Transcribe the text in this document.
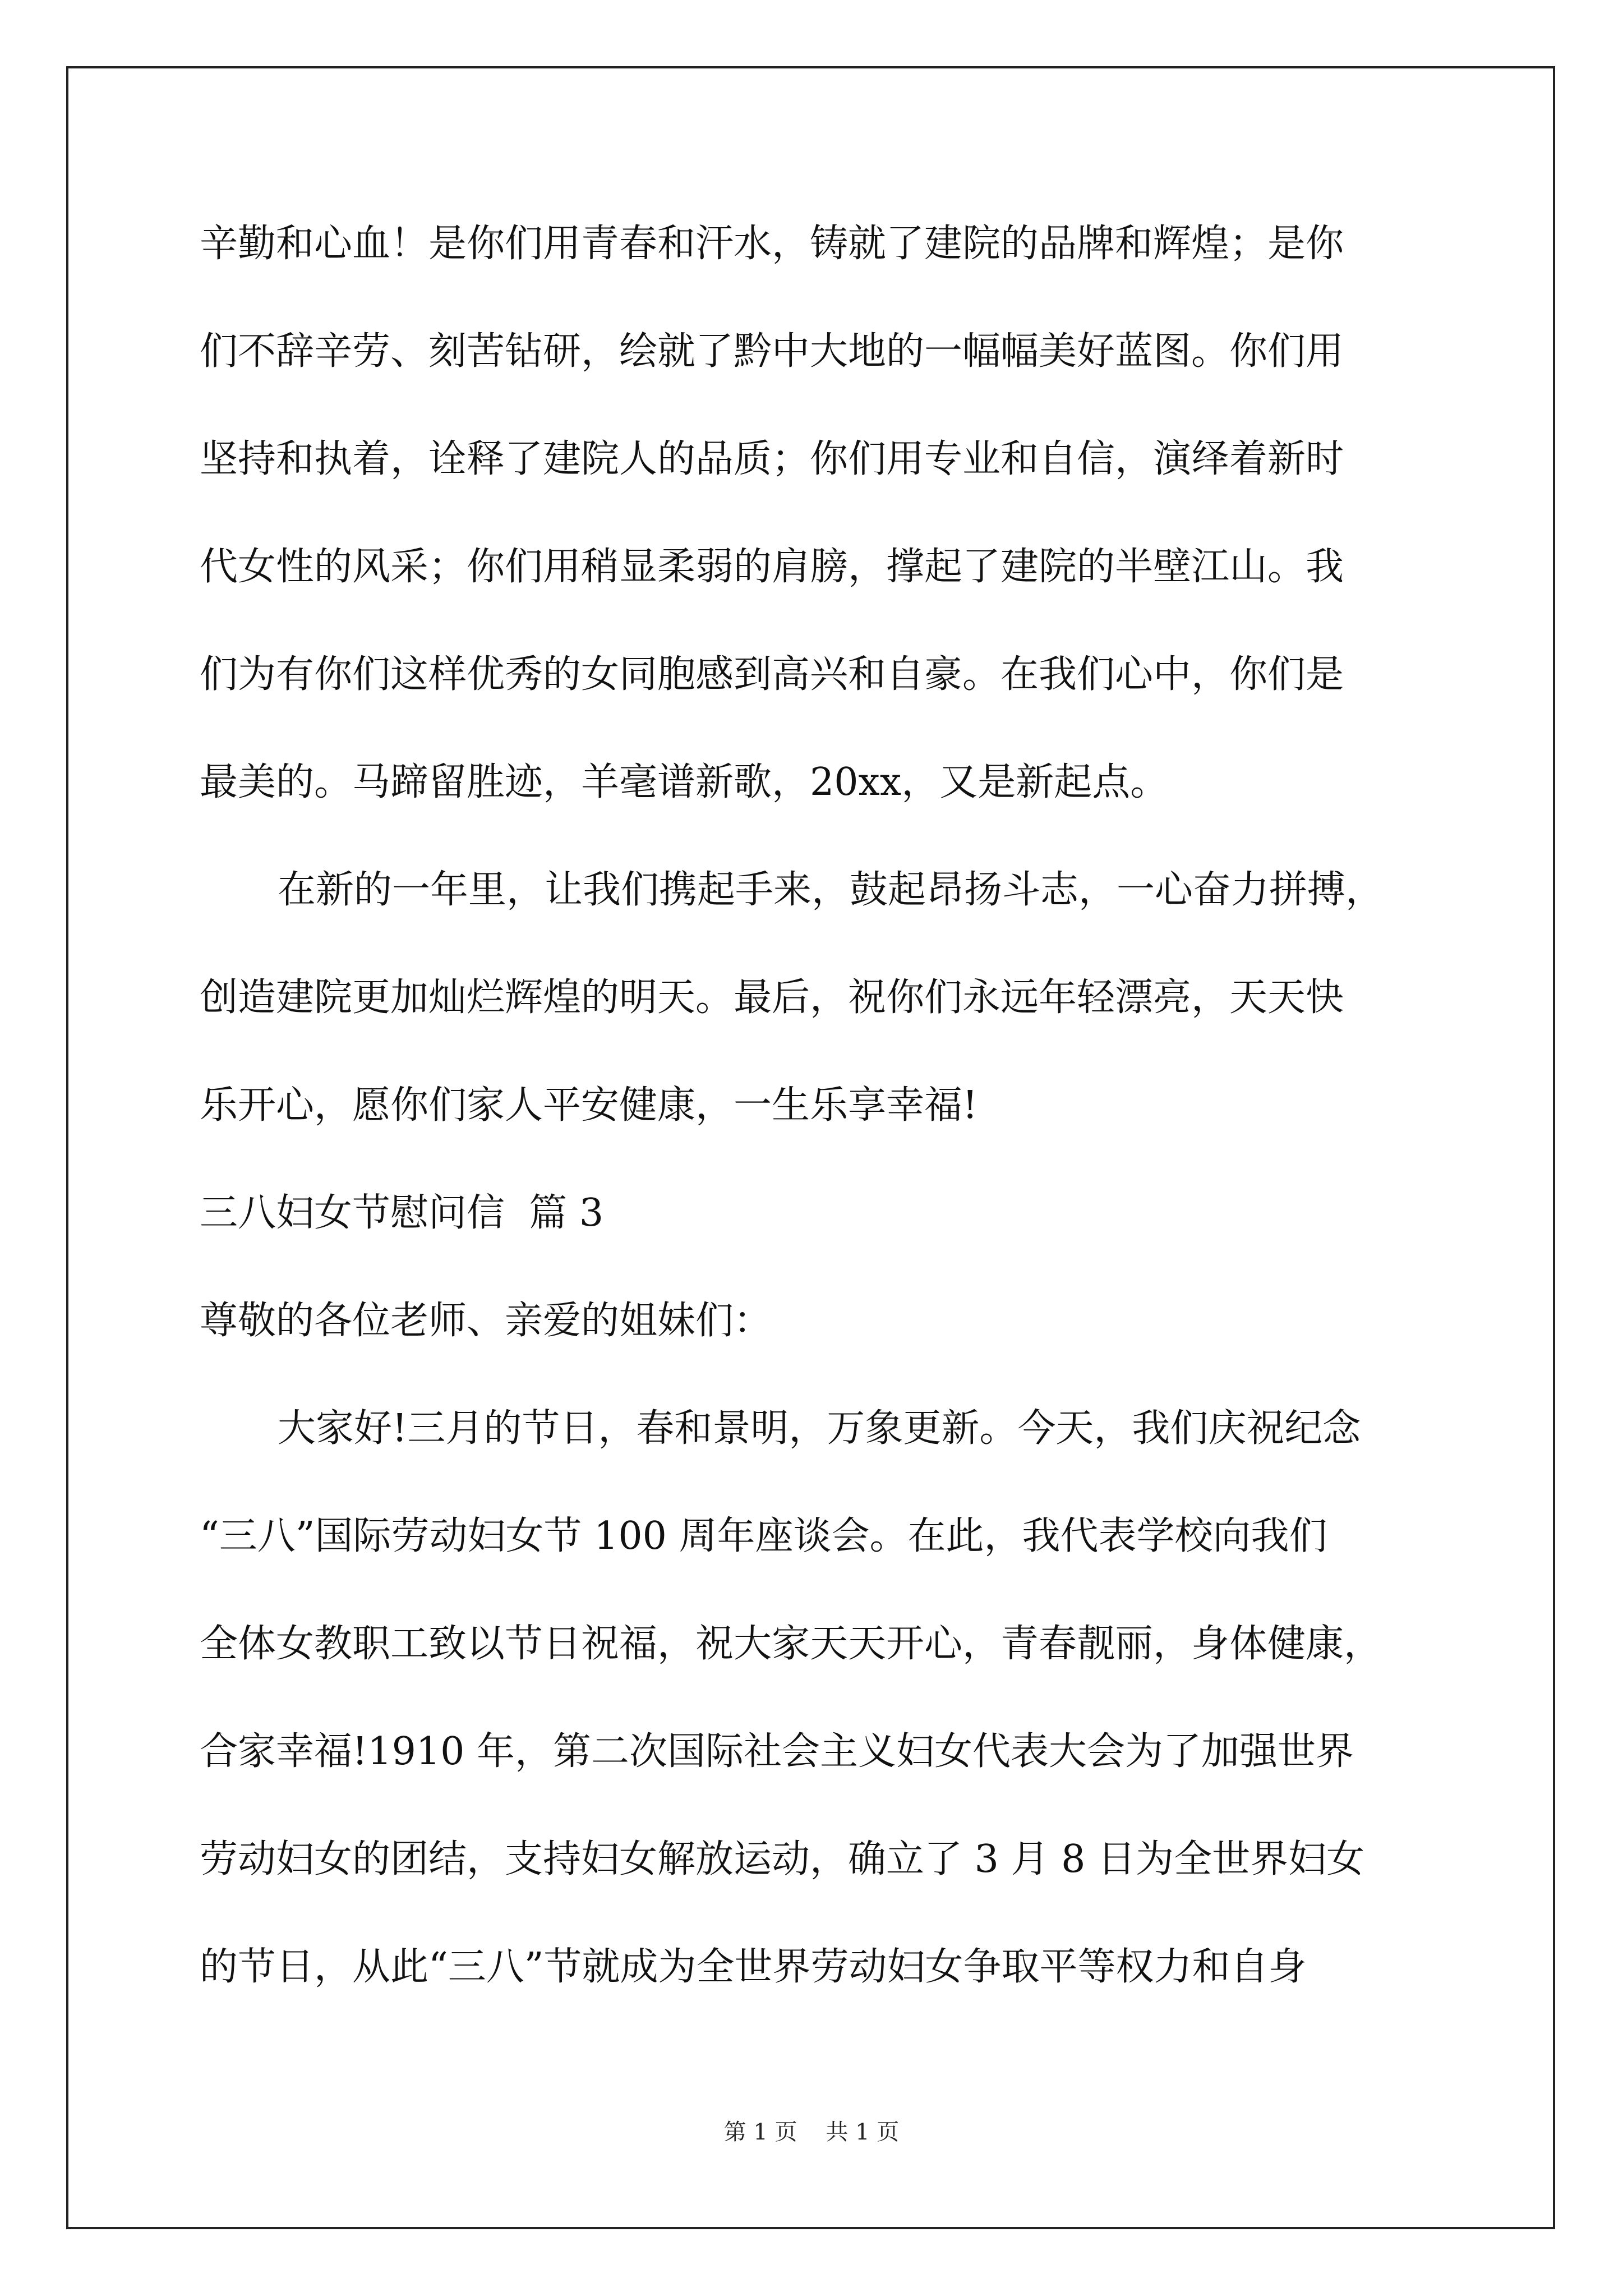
辛勤和心血！是你们用青春和汗水，铸就了建院的品牌和辉煌；是你

们不辞辛劳、刻苦钻研，绘就了黔中大地的一幅幅美好蓝图。你们用

坚持和执着，诠释了建院人的品质；你们用专业和自信，演绎着新时

代女性的风采；你们用稍显柔弱的肩膀，撑起了建院的半壁江山。我

们为有你们这样优秀的女同胞感到高兴和自豪。在我们心中，你们是

最美的。马蹄留胜迹，羊毫谱新歌，20xx，又是新起点。

在新的一年里，让我们携起手来，鼓起昂扬斗志，一心奋力拼搏，

创造建院更加灿烂辉煌的明天。最后，祝你们永远年轻漂亮，天天快

乐开心，愿你们家人平安健康，一生乐享幸福!

三八妇女节慰问信  篇 3

尊敬的各位老师、亲爱的姐妹们：

大家好!三月的节日，春和景明，万象更新。今天，我们庆祝纪念

“三八”国际劳动妇女节 100 周年座谈会。在此，我代表学校向我们

全体女教职工致以节日祝福，祝大家天天开心，青春靓丽，身体健康，

合家幸福!1910 年，第二次国际社会主义妇女代表大会为了加强世界

劳动妇女的团结，支持妇女解放运动，确立了 3 月 8 日为全世界妇女

的节日，从此“三八”节就成为全世界劳动妇女争取平等权力和自身

第 1 页    共 1 页
